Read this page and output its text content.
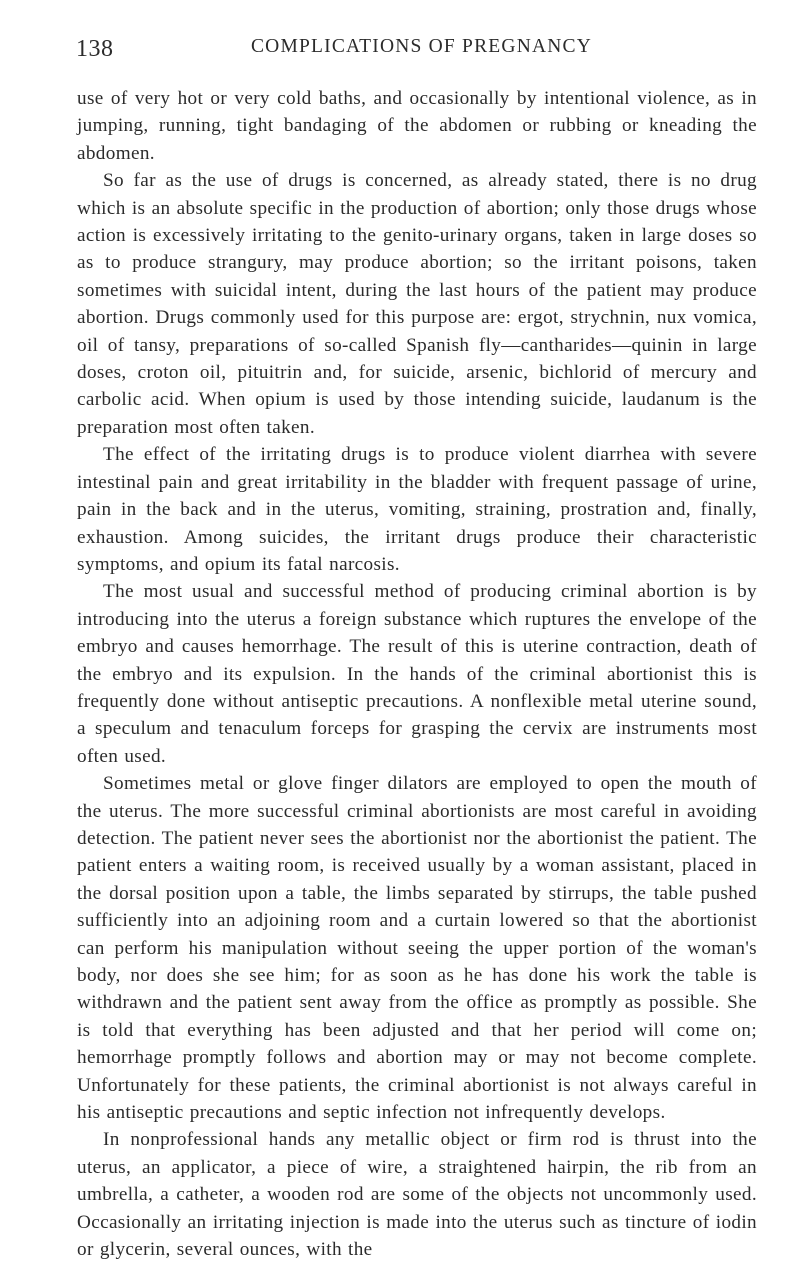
138	COMPLICATIONS OF PREGNANCY

use of very hot or very cold baths, and occasionally by intentional violence, as in jumping, running, tight bandaging of the abdomen or rubbing or kneading the abdomen.

So far as the use of drugs is concerned, as already stated, there is no drug which is an absolute specific in the production of abortion; only those drugs whose action is excessively irritating to the genito-urinary organs, taken in large doses so as to produce strangury, may produce abortion; so the irritant poisons, taken sometimes with suicidal intent, during the last hours of the patient may produce abortion. Drugs commonly used for this purpose are: ergot, strychnin, nux vomica, oil of tansy, preparations of so-called Spanish fly—cantharides—quinin in large doses, croton oil, pituitrin and, for suicide, arsenic, bichlorid of mercury and carbolic acid. When opium is used by those intending suicide, laudanum is the preparation most often taken.

The effect of the irritating drugs is to produce violent diarrhea with severe intestinal pain and great irritability in the bladder with frequent passage of urine, pain in the back and in the uterus, vomiting, straining, prostration and, finally, exhaustion. Among suicides, the irritant drugs produce their characteristic symptoms, and opium its fatal narcosis.

The most usual and successful method of producing criminal abortion is by introducing into the uterus a foreign substance which ruptures the envelope of the embryo and causes hemorrhage. The result of this is uterine contraction, death of the embryo and its expulsion. In the hands of the criminal abortionist this is frequently done without antiseptic precautions. A nonflexible metal uterine sound, a speculum and tenaculum forceps for grasping the cervix are instruments most often used.

Sometimes metal or glove finger dilators are employed to open the mouth of the uterus. The more successful criminal abortionists are most careful in avoiding detection. The patient never sees the abortionist nor the abortionist the patient. The patient enters a waiting room, is received usually by a woman assistant, placed in the dorsal position upon a table, the limbs separated by stirrups, the table pushed sufficiently into an adjoining room and a curtain lowered so that the abortionist can perform his manipulation without seeing the upper portion of the woman's body, nor does she see him; for as soon as he has done his work the table is withdrawn and the patient sent away from the office as promptly as possible. She is told that everything has been adjusted and that her period will come on; hemorrhage promptly follows and abortion may or may not become complete. Unfortunately for these patients, the criminal abortionist is not always careful in his antiseptic precautions and septic infection not infrequently develops.

In nonprofessional hands any metallic object or firm rod is thrust into the uterus, an applicator, a piece of wire, a straightened hairpin, the rib from an umbrella, a catheter, a wooden rod are some of the objects not uncommonly used. Occasionally an irritating injection is made into the uterus such as tincture of iodin or glycerin, several ounces, with the
